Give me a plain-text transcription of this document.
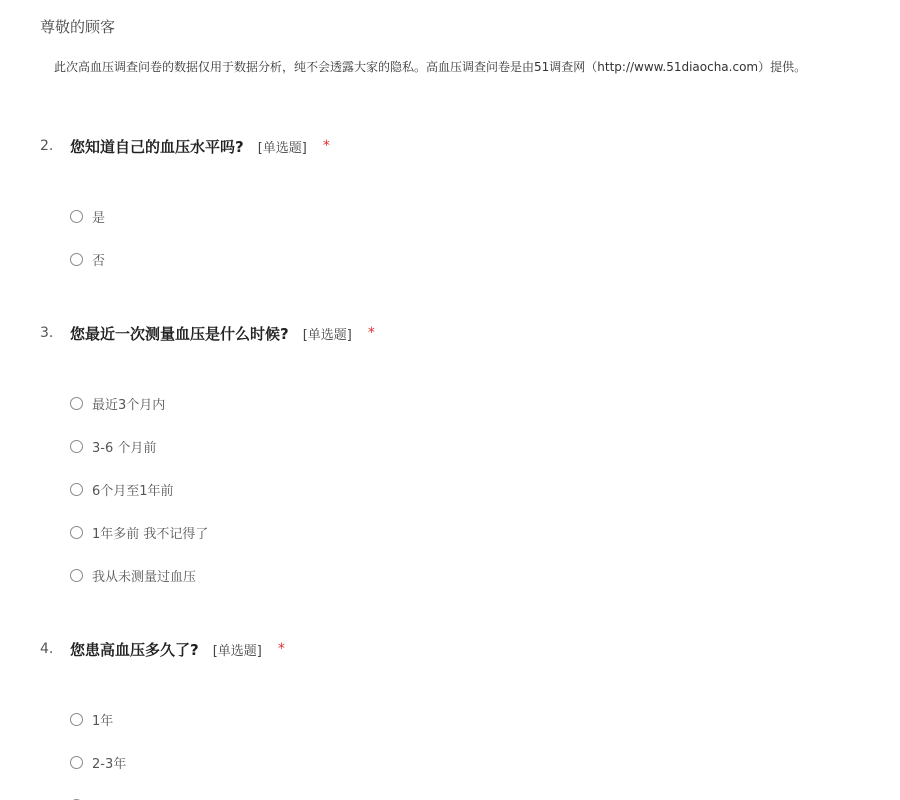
尊敬的顾客
此次高血压调查问卷的数据仅用于数据分析，纯不会透露大家的隐私。高血压调查问卷是由51调查网（http://www.51diaocha.com）提供。
2.	您知道自己的血压水平吗? [单选题] *
是
否
3.	您最近一次测量血压是什么时候? [单选题] *
最近3个月内
3-6 个月前
6个月至1年前
1年多前 我不记得了
我从未测量过血压
4.	您患高血压多久了? [单选题] *
1年
2-3年
